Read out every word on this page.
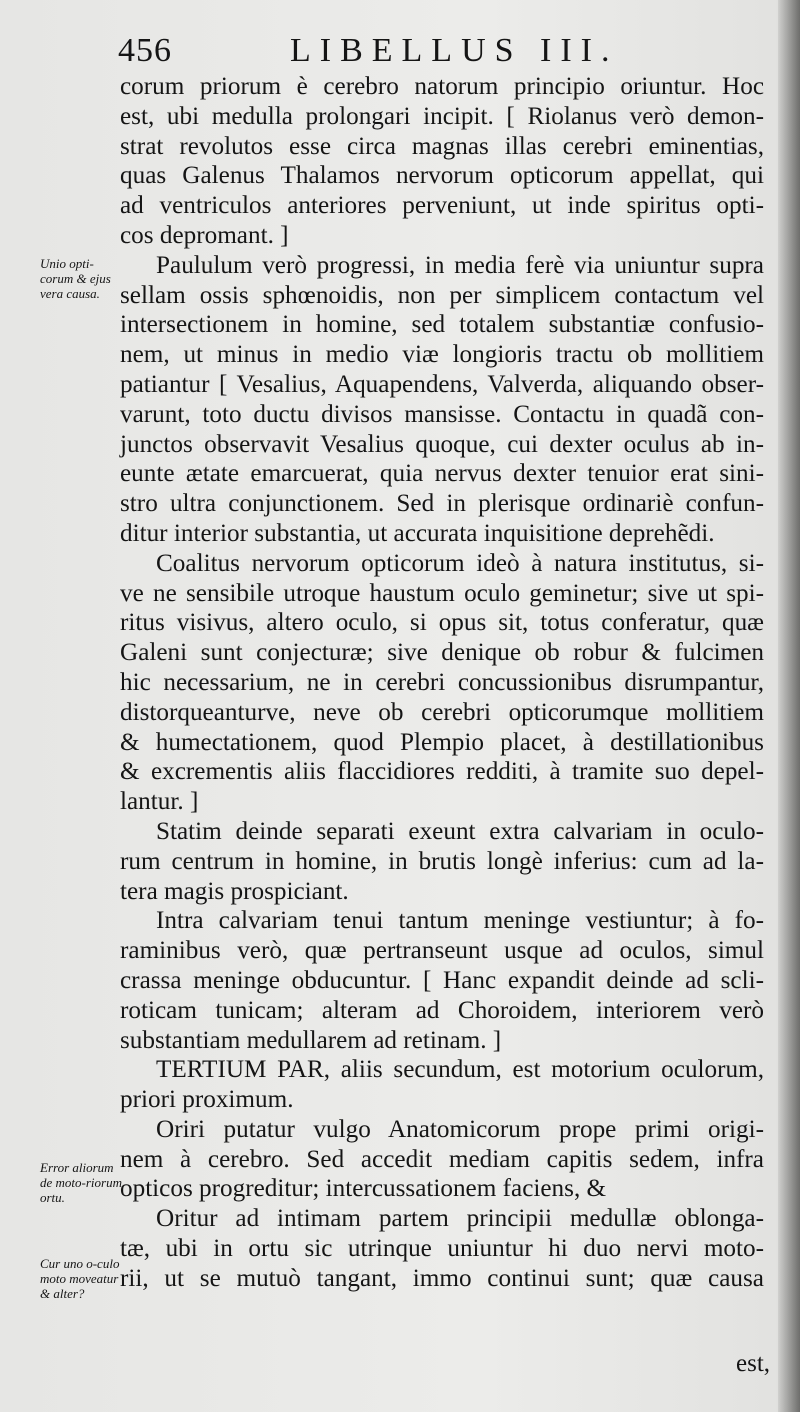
456	LIBELLUS III.
Unio opti-corum & ejus vera causa.
Error aliorum de moto-riorum ortu.
Cur uno o-culo moto moveatur & alter?

corum priorum è cerebro natorum principio oriuntur. Hoc

est, ubi medulla prolongari incipit. [ Riolanus verò demon-

strat revolutos esse circa magnas illas cerebri eminentias,

quas Galenus Thalamos nervorum opticorum appellat, qui

ad ventriculos anteriores perveniunt, ut inde spiritus opti-

cos depromant. ]

Paululum verò progressi, in media ferè via uniuntur supra

sellam ossis sphœnoidis, non per simplicem contactum vel

intersectionem in homine, sed totalem substantiæ confusio-

nem, ut minus in medio viæ longioris tractu ob mollitiem

patiantur [ Vesalius, Aquapendens, Valverda, aliquando obser-

varunt, toto ductu divisos mansisse. Contactu in quadã con-

junctos observavit Vesalius quoque, cui dexter oculus ab in-

eunte ætate emarcuerat, quia nervus dexter tenuior erat sini-

stro ultra conjunctionem. Sed in plerisque ordinariè confun-

ditur interior substantia, ut accurata inquisitione deprehẽdi.

Coalitus nervorum opticorum ideò à natura institutus, si-

ve ne sensibile utroque haustum oculo geminetur; sive ut spi-

ritus visivus, altero oculo, si opus sit, totus conferatur, quæ

Galeni sunt conjecturæ; sive denique ob robur & fulcimen

hic necessarium, ne in cerebri concussionibus disrumpantur,

distorqueanturve, neve ob cerebri opticorumque mollitiem

& humectationem, quod Plempio placet, à destillationibus

& excrementis aliis flaccidiores redditi, à tramite suo depel-

lantur. ]

Statim deinde separati exeunt extra calvariam in oculo-

rum centrum in homine, in brutis longè inferius: cum ad la-

tera magis prospiciant.

Intra calvariam tenui tantum meninge vestiuntur; à fo-

raminibus verò, quæ pertranseunt usque ad oculos, simul

crassa meninge obducuntur. [ Hanc expandit deinde ad scli-

roticam tunicam; alteram ad Choroidem, interiorem verò

substantiam medullarem ad retinam. ]

TERTIUM PAR, aliis secundum, est motorium oculorum,

priori proximum.

Oriri putatur vulgo Anatomicorum prope primi origi-

nem à cerebro. Sed accedit mediam capitis sedem, infra

opticos progreditur; intercussationem faciens, &

Oritur ad intimam partem principii medullæ oblonga-

tæ, ubi in ortu sic utrinque uniuntur hi duo nervi moto-

rii, ut se mutuò tangant, immo continui sunt; quæ causa

est,
